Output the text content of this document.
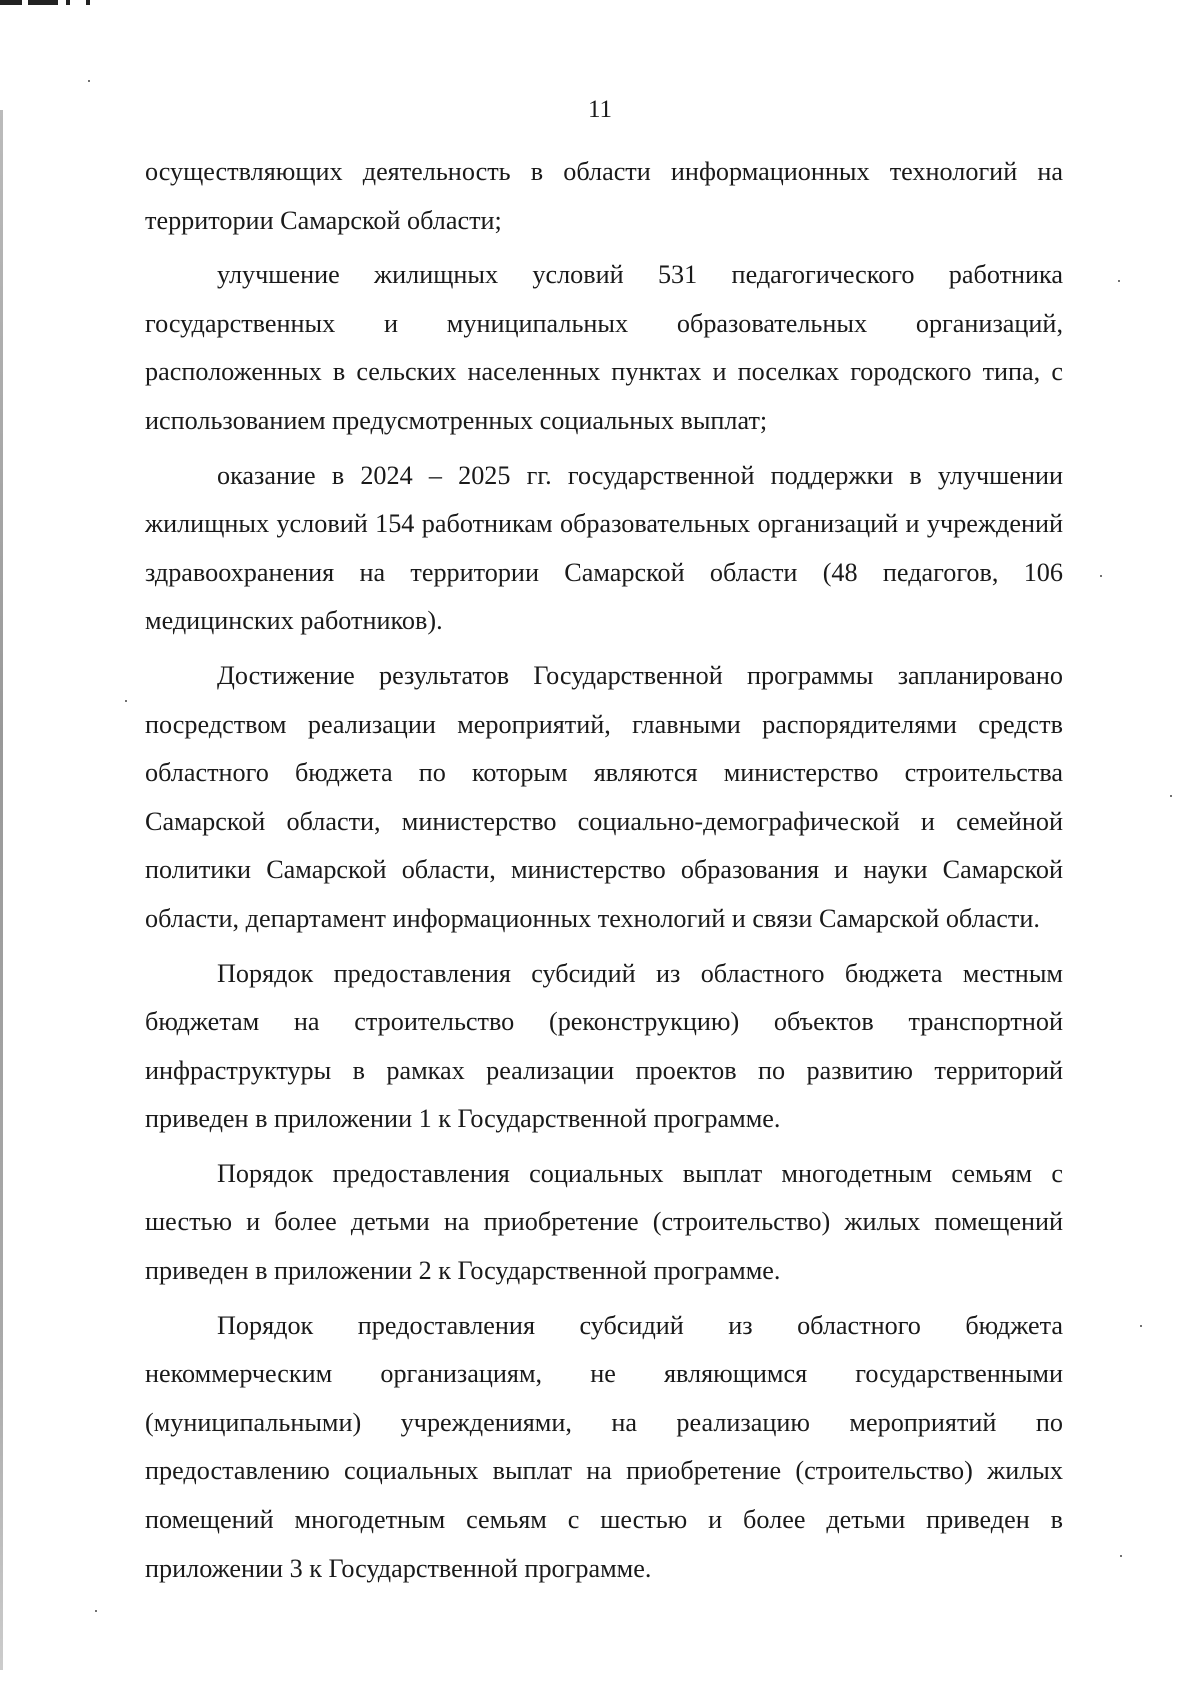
11

осуществляющих деятельность в области информационных технологий на территории Самарской области;

улучшение жилищных условий 531 педагогического работника государственных и муниципальных образовательных организаций, расположенных в сельских населенных пунктах и поселках городского типа, с использованием предусмотренных социальных выплат;

оказание в 2024 – 2025 гг. государственной поддержки в улучшении жилищных условий 154 работникам образовательных организаций и учреждений здравоохранения на территории Самарской области (48 педагогов, 106 медицинских работников).

Достижение результатов Государственной программы запланировано посредством реализации мероприятий, главными распорядителями средств областного бюджета по которым являются министерство строительства Самарской области, министерство социально-демографической и семейной политики Самарской области, министерство образования и науки Самарской области, департамент информационных технологий и связи Самарской области.

Порядок предоставления субсидий из областного бюджета местным бюджетам на строительство (реконструкцию) объектов транспортной инфраструктуры в рамках реализации проектов по развитию территорий приведен в приложении 1 к Государственной программе.

Порядок предоставления социальных выплат многодетным семьям с шестью и более детьми на приобретение (строительство) жилых помещений приведен в приложении 2 к Государственной программе.

Порядок предоставления субсидий из областного бюджета некоммерческим организациям, не являющимся государственными (муниципальными) учреждениями, на реализацию мероприятий по предоставлению социальных выплат на приобретение (строительство) жилых помещений многодетным семьям с шестью и более детьми приведен в приложении 3 к Государственной программе.
